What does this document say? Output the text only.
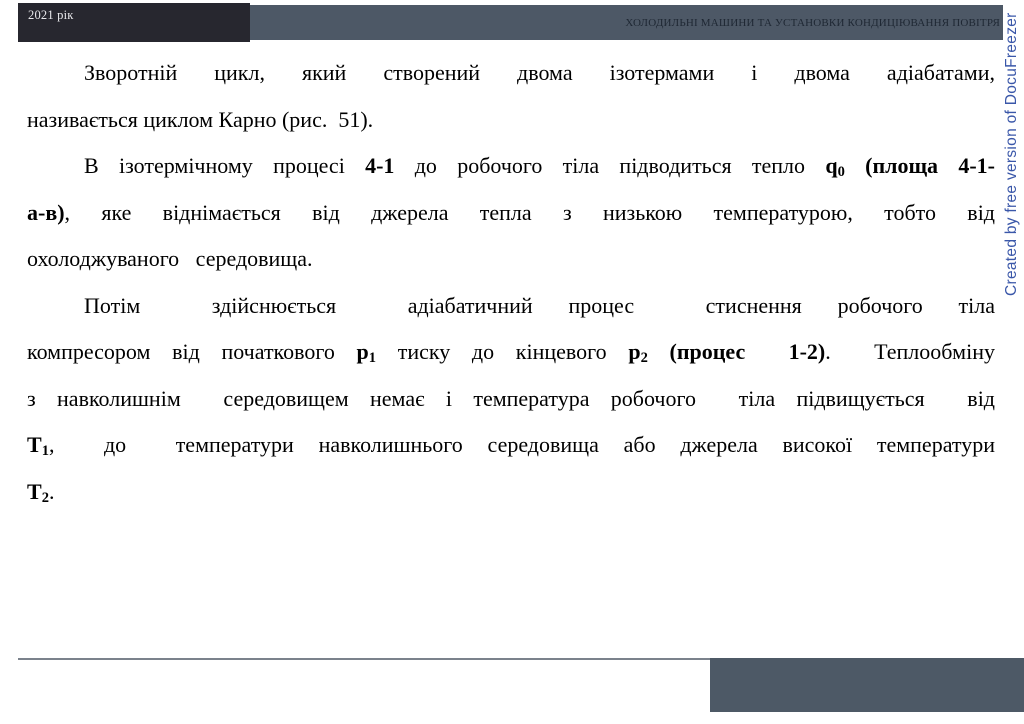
2021 рік
ХОЛОДИЛЬНІ МАШИНИ ТА УСТАНОВКИ КОНДИЦІЮВАННЯ ПОВІТРЯ
Зворотній цикл, який створений двома ізотермами і двома адіабатами,
називається циклом Карно (рис.  51).
В ізотермічному процесі 4-1 до робочого тіла підводиться тепло $q_0$ (площа 4-1-
а-в), яке віднімається від джерела тепла з низькою температурою, тобто від
охолоджуваного   середовища.
Потім  здійснюється  адіабатичний процес  стиснення робочого тіла
компресором від початкового $p_1$ тиску до кінцевого $p_2$ (процес  1-2).  Теплообміну
з навколишнім  середовищем немає і температура робочого  тіла підвищується  від
$Т_1$,  до  температури навколишнього середовища або джерела високої температури
$Т_2$.
Created by free version of DocuFreezer
